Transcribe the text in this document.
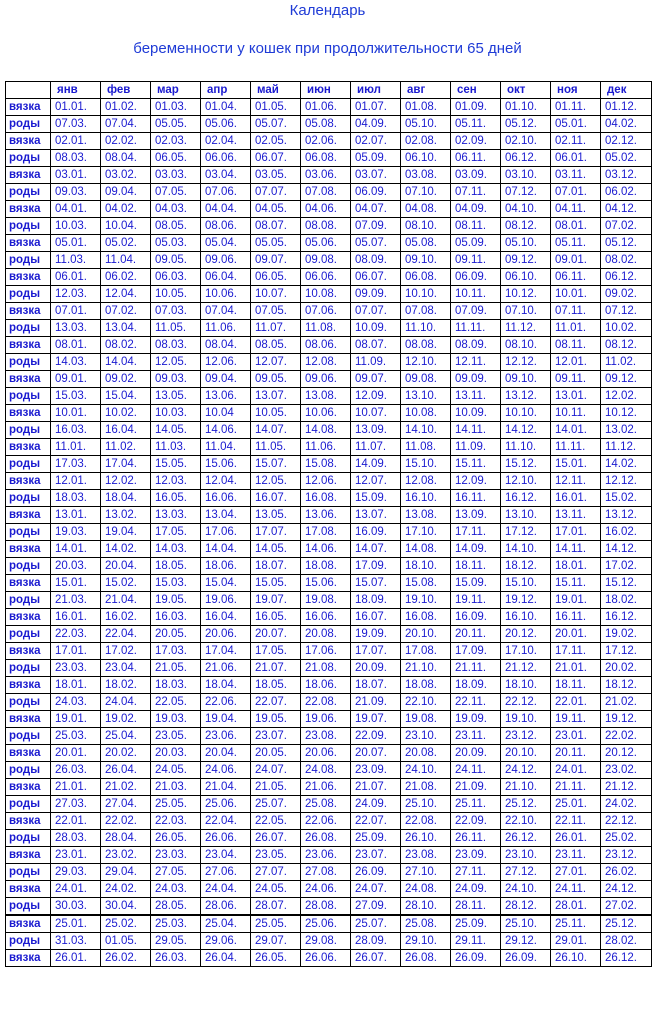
Календарь
беременности у кошек при продолжительности 65 дней
	янв	фев	мар	апр	май	июн	июл	авг	сен	окт	ноя	дек
вязка	01.01.	01.02.	01.03.	01.04.	01.05.	01.06.	01.07.	01.08.	01.09.	01.10.	01.11.	01.12.
роды	07.03.	07.04.	05.05.	05.06.	05.07.	05.08.	04.09.	05.10.	05.11.	05.12.	05.01.	04.02.
вязка	02.01.	02.02.	02.03.	02.04.	02.05.	02.06.	02.07.	02.08.	02.09.	02.10.	02.11.	02.12.
роды	08.03.	08.04.	06.05.	06.06.	06.07.	06.08.	05.09.	06.10.	06.11.	06.12.	06.01.	05.02.
вязка	03.01.	03.02.	03.03.	03.04.	03.05.	03.06.	03.07.	03.08.	03.09.	03.10.	03.11.	03.12.
роды	09.03.	09.04.	07.05.	07.06.	07.07.	07.08.	06.09.	07.10.	07.11.	07.12.	07.01.	06.02.
вязка	04.01.	04.02.	04.03.	04.04.	04.05.	04.06.	04.07.	04.08.	04.09.	04.10.	04.11.	04.12.
роды	10.03.	10.04.	08.05.	08.06.	08.07.	08.08.	07.09.	08.10.	08.11.	08.12.	08.01.	07.02.
вязка	05.01.	05.02.	05.03.	05.04.	05.05.	05.06.	05.07.	05.08.	05.09.	05.10.	05.11.	05.12.
роды	11.03.	11.04.	09.05.	09.06.	09.07.	09.08.	08.09.	09.10.	09.11.	09.12.	09.01.	08.02.
вязка	06.01.	06.02.	06.03.	06.04.	06.05.	06.06.	06.07.	06.08.	06.09.	06.10.	06.11.	06.12.
роды	12.03.	12.04.	10.05.	10.06.	10.07.	10.08.	09.09.	10.10.	10.11.	10.12.	10.01.	09.02.
вязка	07.01.	07.02.	07.03.	07.04.	07.05.	07.06.	07.07.	07.08.	07.09.	07.10.	07.11.	07.12.
роды	13.03.	13.04.	11.05.	11.06.	11.07.	11.08.	10.09.	11.10.	11.11.	11.12.	11.01.	10.02.
вязка	08.01.	08.02.	08.03.	08.04.	08.05.	08.06.	08.07.	08.08.	08.09.	08.10.	08.11.	08.12.
роды	14.03.	14.04.	12.05.	12.06.	12.07.	12.08.	11.09.	12.10.	12.11.	12.12.	12.01.	11.02.
вязка	09.01.	09.02.	09.03.	09.04.	09.05.	09.06.	09.07.	09.08.	09.09.	09.10.	09.11.	09.12.
роды	15.03.	15.04.	13.05.	13.06.	13.07.	13.08.	12.09.	13.10.	13.11.	13.12.	13.01.	12.02.
вязка	10.01.	10.02.	10.03.	10.04	10.05.	10.06.	10.07.	10.08.	10.09.	10.10.	10.11.	10.12.
роды	16.03.	16.04.	14.05.	14.06.	14.07.	14.08.	13.09.	14.10.	14.11.	14.12.	14.01.	13.02.
вязка	11.01.	11.02.	11.03.	11.04.	11.05.	11.06.	11.07.	11.08.	11.09.	11.10.	11.11.	11.12.
роды	17.03.	17.04.	15.05.	15.06.	15.07.	15.08.	14.09.	15.10.	15.11.	15.12.	15.01.	14.02.
вязка	12.01.	12.02.	12.03.	12.04.	12.05.	12.06.	12.07.	12.08.	12.09.	12.10.	12.11.	12.12.
роды	18.03.	18.04.	16.05.	16.06.	16.07.	16.08.	15.09.	16.10.	16.11.	16.12.	16.01.	15.02.
вязка	13.01.	13.02.	13.03.	13.04.	13.05.	13.06.	13.07.	13.08.	13.09.	13.10.	13.11.	13.12.
роды	19.03.	19.04.	17.05.	17.06.	17.07.	17.08.	16.09.	17.10.	17.11.	17.12.	17.01.	16.02.
вязка	14.01.	14.02.	14.03.	14.04.	14.05.	14.06.	14.07.	14.08.	14.09.	14.10.	14.11.	14.12.
роды	20.03.	20.04.	18.05.	18.06.	18.07.	18.08.	17.09.	18.10.	18.11.	18.12.	18.01.	17.02.
вязка	15.01.	15.02.	15.03.	15.04.	15.05.	15.06.	15.07.	15.08.	15.09.	15.10.	15.11.	15.12.
роды	21.03.	21.04.	19.05.	19.06.	19.07.	19.08.	18.09.	19.10.	19.11.	19.12.	19.01.	18.02.
вязка	16.01.	16.02.	16.03.	16.04.	16.05.	16.06.	16.07.	16.08.	16.09.	16.10.	16.11.	16.12.
роды	22.03.	22.04.	20.05.	20.06.	20.07.	20.08.	19.09.	20.10.	20.11.	20.12.	20.01.	19.02.
вязка	17.01.	17.02.	17.03.	17.04.	17.05.	17.06.	17.07.	17.08.	17.09.	17.10.	17.11.	17.12.
роды	23.03.	23.04.	21.05.	21.06.	21.07.	21.08.	20.09.	21.10.	21.11.	21.12.	21.01.	20.02.
вязка	18.01.	18.02.	18.03.	18.04.	18.05.	18.06.	18.07.	18.08.	18.09.	18.10.	18.11.	18.12.
роды	24.03.	24.04.	22.05.	22.06.	22.07.	22.08.	21.09.	22.10.	22.11.	22.12.	22.01.	21.02.
вязка	19.01.	19.02.	19.03.	19.04.	19.05.	19.06.	19.07.	19.08.	19.09.	19.10.	19.11.	19.12.
роды	25.03.	25.04.	23.05.	23.06.	23.07.	23.08.	22.09.	23.10.	23.11.	23.12.	23.01.	22.02.
вязка	20.01.	20.02.	20.03.	20.04.	20.05.	20.06.	20.07.	20.08.	20.09.	20.10.	20.11.	20.12.
роды	26.03.	26.04.	24.05.	24.06.	24.07.	24.08.	23.09.	24.10.	24.11.	24.12.	24.01.	23.02.
вязка	21.01.	21.02.	21.03.	21.04.	21.05.	21.06.	21.07.	21.08.	21.09.	21.10.	21.11.	21.12.
роды	27.03.	27.04.	25.05.	25.06.	25.07.	25.08.	24.09.	25.10.	25.11.	25.12.	25.01.	24.02.
вязка	22.01.	22.02.	22.03.	22.04.	22.05.	22.06.	22.07.	22.08.	22.09.	22.10.	22.11.	22.12.
роды	28.03.	28.04.	26.05.	26.06.	26.07.	26.08.	25.09.	26.10.	26.11.	26.12.	26.01.	25.02.
вязка	23.01.	23.02.	23.03.	23.04.	23.05.	23.06.	23.07.	23.08.	23.09.	23.10.	23.11.	23.12.
роды	29.03.	29.04.	27.05.	27.06.	27.07.	27.08.	26.09.	27.10.	27.11.	27.12.	27.01.	26.02.
вязка	24.01.	24.02.	24.03.	24.04.	24.05.	24.06.	24.07.	24.08.	24.09.	24.10.	24.11.	24.12.
роды	30.03.	30.04.	28.05.	28.06.	28.07.	28.08.	27.09.	28.10.	28.11.	28.12.	28.01.	27.02.
вязка	25.01.	25.02.	25.03.	25.04.	25.05.	25.06.	25.07.	25.08.	25.09.	25.10.	25.11.	25.12.
роды	31.03.	01.05.	29.05.	29.06.	29.07.	29.08.	28.09.	29.10.	29.11.	29.12.	29.01.	28.02.
вязка	26.01.	26.02.	26.03.	26.04.	26.05.	26.06.	26.07.	26.08.	26.09.	26.09.	26.10.	26.12.
